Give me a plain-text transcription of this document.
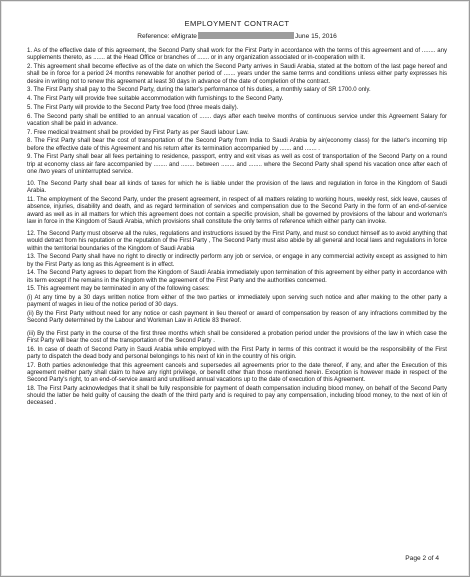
EMPLOYMENT CONTRACT
Reference: eMigrate	June 15, 2016

1. As of the effective date of this agreement, the Second Party shall work for the First Party in accordance with the terms of this agreement and of ........ any supplements thereto, as ....... at the Head Office or branches of ....... or in any organization associated or in-cooperation with it.

2. This agreement shall become effective as of the date on which the Second Party arrives in Saudi Arabia, stated at the bottom of the last page hereof and shall be in force for a period 24 months renewable for another period of ....... years under the same terms and conditions unless either party expresses his desire in writing not to renew this agreement at least 30 days in advance of the date of completion of the contract.

3. The First Party shall pay to the Second Party, during the latter's performance of his duties, a monthly salary of SR 1700.0 only.

4. The First Party will provide free suitable accommodation with furnishings to the Second Party.

5. The First Party will provide to the Second Party free food (three meals daily).

6. The Second party shall be entitled to an annual vacation of ....... days after each twelve months of continuous service under this Agreement Salary for vacation shall be paid in advance.

7. Free medical treatment shall be provided by First Party as per Saudi labour Law.

8. The First Party shall bear the cost of transportation of the Second Party from India to Saudi Arabia by air(economy class) for the latter's incoming trip before the effective date of this Agreement and his return after its termination accompanied by ....... and ....... .

9. The First Party shall bear all fees pertaining to residence, passport, entry and exit visas as well as cost of transportation of the Second Party on a round trip at economy class air fare accompanied by ........ and ........ between ........ and ........ where the Second Party shall spend his vacation once after each of one /two years of uninterrupted service.

10. The Second Party shall bear all kinds of taxes for which he is liable under the provision of the laws and regulation in force in the Kingdom of Saudi Arabia.

11. The employment of the Second Party, under the present agreement, in respect of all matters relating to working hours, weekly rest, sick leave, causes of absence, injuries, disability and death, and as regard termination of services and compensation due to the Second Party in the form of an end-of-service award as well as in all matters for which this agreement does not contain a specific provision, shall be governed by provisions of the labour and workman's law in force in the Kingdom of Saudi Arabia, which provisions shall constitute the only terms of reference which either party can invoke.

12. The Second Party must observe all the rules, regulations and instructions issued by the First Party, and must so conduct himself as to avoid anything that would detract from his reputation or the reputation of the First Party , The Second Party must also abide by all general and local laws and regulations in force within the territorial boundaries of the Kingdom of Saudi Arabia

13. The Second Party shall have no right to directly or indirectly perform any job or service, or engage in any commercial activity except as assigned to him by the First Party as long as this Agreement is in effect.

14. The Second Party agrees to depart from the Kingdom of Saudi Arabia immediately upon termination of this agreement by either party in accordance with its term except if he remains in the Kingdom with the agreement of the First Party and the authorities concerned.

15. This agreement may be terminated in any of the following cases:

(i) At any time by a 30 days written notice from either of the two parties or immediately upon serving such notice and after making to the other party a payment of wages in lieu of the notice period of 30 days.

(ii) By the First Party without need for any notice or cash payment in lieu thereof or award of compensation by reason of any infractions committed by the Second Party determined by the Labour and Workman Law in Article 83 thereof.

(iii) By the First party in the course of the first three months which shall be considered a probation period under the provisions of the law in which case the First Party will bear the cost of the transportation of the Second Party .

16. In case of death of Second Party in Saudi Arabia while employed with the First Party in terms of this contract it would be the responsibility of the First party to dispatch the dead body and personal belongings to his next of kin in the country of his origin.

17. Both parties acknowledge that this agreement cancels and supersedes all agreements prior to the date thereof, if any, and after the Execution of this agreement neither party shall claim to have any right privilege, or benefit other than those mentioned herein. Exception is however made in respect of the Second Party's right, to an end-of-service award and unutilised annual vacations up to the date of execution of this Agreement.

18. The First Party acknowledges that it shall be fully responsible for payment of death compensation including blood money, on behalf of the Second Party should the latter be held guilty of causing the death of the third party and is required to pay any compensation, including blood money, to the next of kin of deceased .

Page 2 of 4
